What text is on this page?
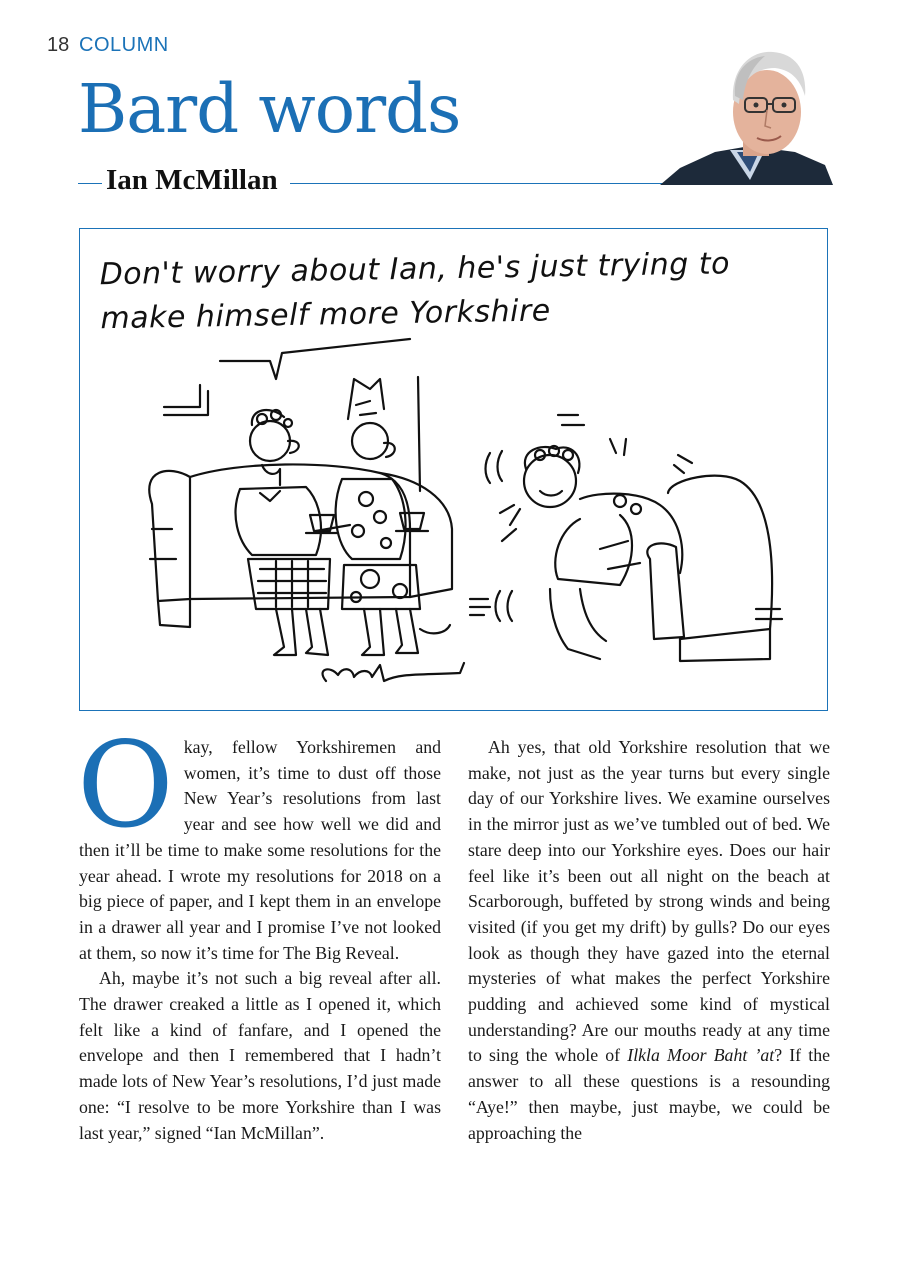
18 COLUMN
Bard words
Ian McMillan
Don't worry about Ian, he's just trying to make himself more Yorkshire

Okay, fellow Yorkshiremen and women, it’s time to dust off those New Year’s resolutions from last year and see how well we did and then it’ll be time to make some resolutions for the year ahead. I wrote my resolutions for 2018 on a big piece of paper, and I kept them in an envelope in a drawer all year and I promise I’ve not looked at them, so now it’s time for The Big Reveal.

Ah, maybe it’s not such a big reveal after all. The drawer creaked a little as I opened it, which felt like a kind of fanfare, and I opened the envelope and then I remembered that I hadn’t made lots of New Year’s resolutions, I’d just made one: “I resolve to be more Yorkshire than I was last year,” signed “Ian McMillan”.

Ah yes, that old Yorkshire resolution that we make, not just as the year turns but every single day of our Yorkshire lives. We examine ourselves in the mirror just as we’ve tumbled out of bed. We stare deep into our Yorkshire eyes. Does our hair feel like it’s been out all night on the beach at Scarborough, buffeted by strong winds and being visited (if you get my drift) by gulls? Do our eyes look as though they have gazed into the eternal mysteries of what makes the perfect Yorkshire pudding and achieved some kind of mystical understanding? Are our mouths ready at any time to sing the whole of Ilkla Moor Baht ’at? If the answer to all these questions is a resounding “Aye!” then maybe, just maybe, we could be approaching the
